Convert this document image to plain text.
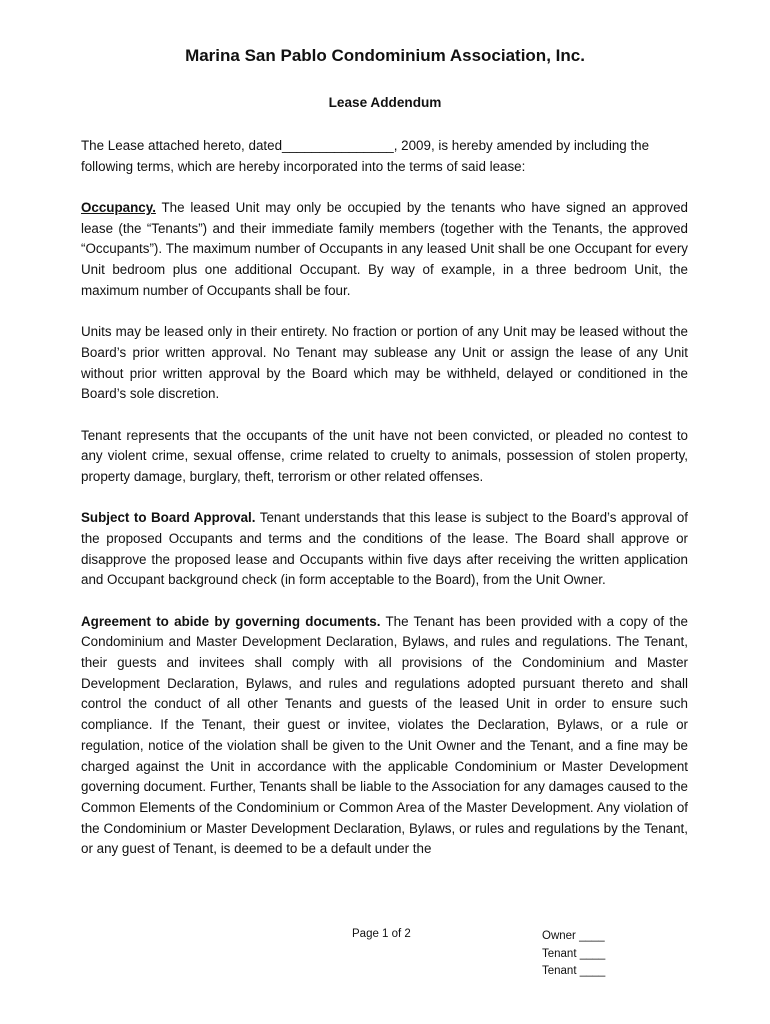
Marina San Pablo Condominium Association, Inc.
Lease Addendum

The Lease attached hereto, dated_______________, 2009, is hereby amended by including the following terms, which are hereby incorporated into the terms of said lease:

Occupancy. The leased Unit may only be occupied by the tenants who have signed an approved lease (the “Tenants”) and their immediate family members (together with the Tenants, the approved “Occupants”). The maximum number of Occupants in any leased Unit shall be one Occupant for every Unit bedroom plus one additional Occupant. By way of example, in a three bedroom Unit, the maximum number of Occupants shall be four.

Units may be leased only in their entirety. No fraction or portion of any Unit may be leased without the Board’s prior written approval. No Tenant may sublease any Unit or assign the lease of any Unit without prior written approval by the Board which may be withheld, delayed or conditioned in the Board’s sole discretion.

Tenant represents that the occupants of the unit have not been convicted, or pleaded no contest to any violent crime, sexual offense, crime related to cruelty to animals, possession of stolen property, property damage, burglary, theft, terrorism or other related offenses.

Subject to Board Approval. Tenant understands that this lease is subject to the Board’s approval of the proposed Occupants and terms and the conditions of the lease. The Board shall approve or disapprove the proposed lease and Occupants within five days after receiving the written application and Occupant background check (in form acceptable to the Board), from the Unit Owner.

Agreement to abide by governing documents. The Tenant has been provided with a copy of the Condominium and Master Development Declaration, Bylaws, and rules and regulations. The Tenant, their guests and invitees shall comply with all provisions of the Condominium and Master Development Declaration, Bylaws, and rules and regulations adopted pursuant thereto and shall control the conduct of all other Tenants and guests of the leased Unit in order to ensure such compliance. If the Tenant, their guest or invitee, violates the Declaration, Bylaws, or a rule or regulation, notice of the violation shall be given to the Unit Owner and the Tenant, and a fine may be charged against the Unit in accordance with the applicable Condominium or Master Development governing document. Further, Tenants shall be liable to the Association for any damages caused to the Common Elements of the Condominium or Common Area of the Master Development. Any violation of the Condominium or Master Development Declaration, Bylaws, or rules and regulations by the Tenant, or any guest of Tenant, is deemed to be a default under the

Page 1 of 2	Owner ____
Tenant ____
Tenant ____
